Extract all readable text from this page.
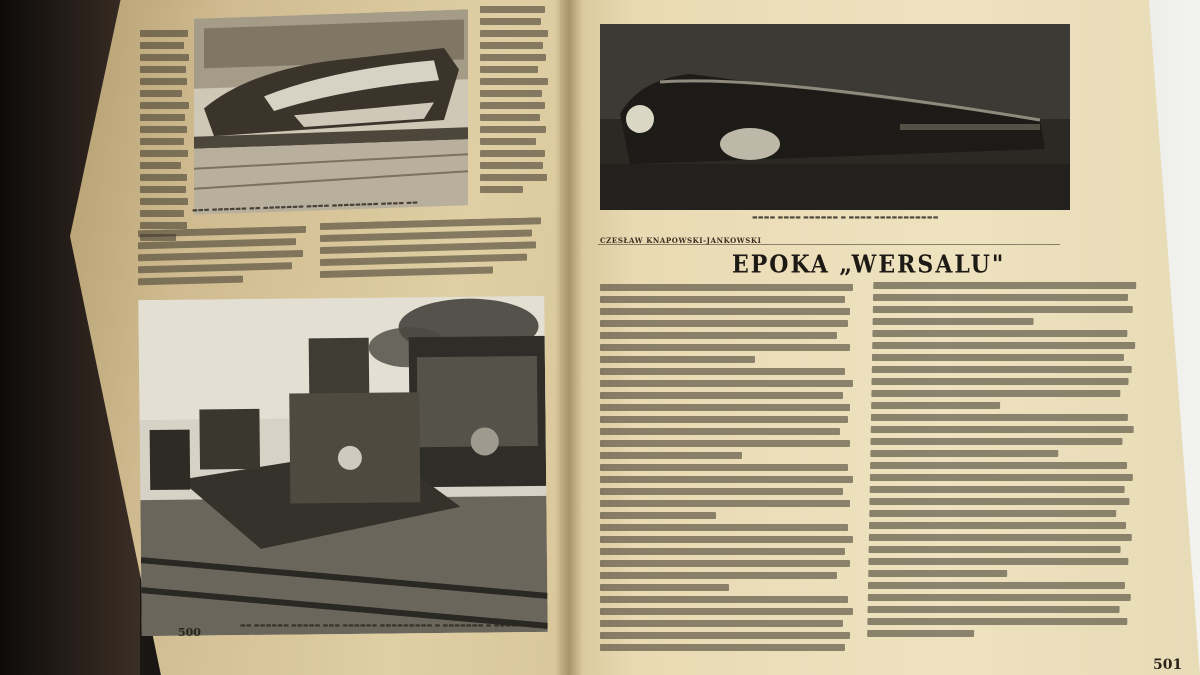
▬▬▬ ▬▬▬▬▬▬ ▬▬ ▬▬▬▬▬▬▬ ▬▬▬▬ ▬▬▬▬▬▬▬▬ ▬▬▬▬ ▬▬
▬▬ ▬▬▬▬▬▬ ▬▬▬▬▬ ▬▬▬ ▬▬▬▬▬▬ ▬▬▬▬▬▬▬▬▬ ▬ ▬▬▬▬▬▬▬ ▬ ▬▬▬▬▬▬▬▬
500
▬▬▬▬ ▬▬▬▬ ▬▬▬▬▬▬ ▬ ▬▬▬▬ ▬▬▬▬▬▬▬▬▬▬▬
CZESŁAW KNAPOWSKI-JANKOWSKI
EPOKA „WERSALU"
501
